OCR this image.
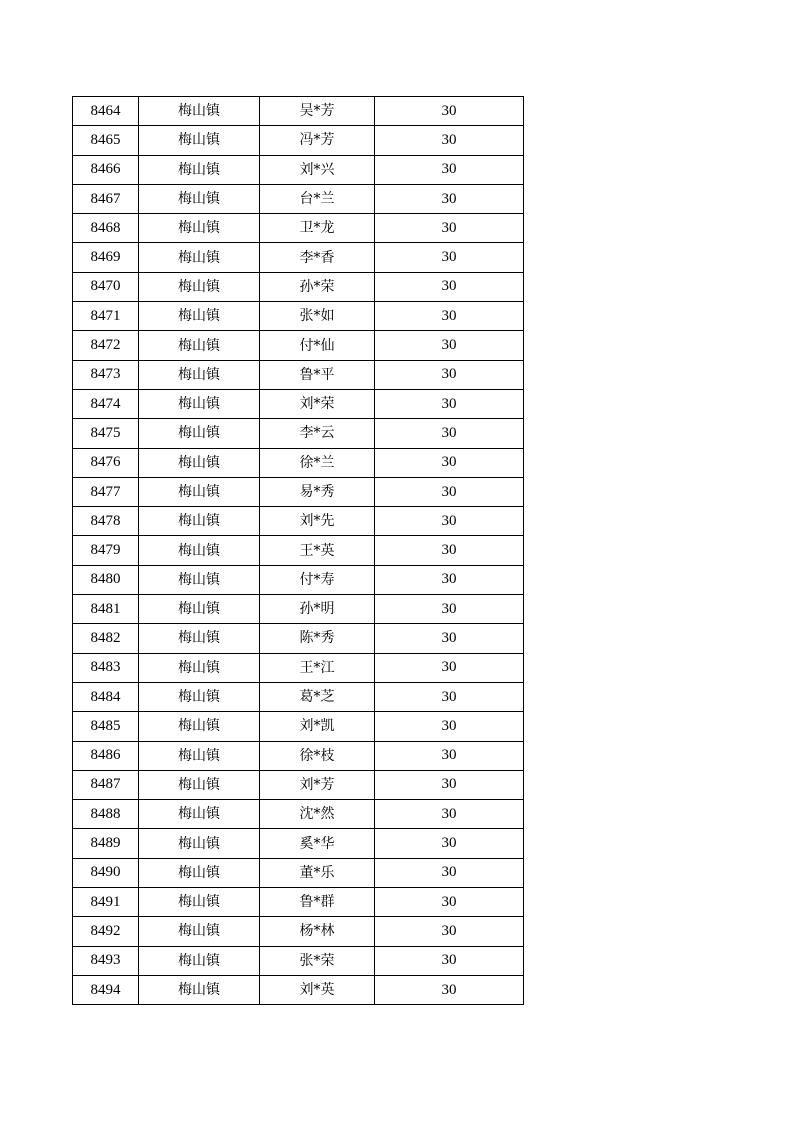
8464	梅山镇	吴*芳	30
8465	梅山镇	冯*芳	30
8466	梅山镇	刘*兴	30
8467	梅山镇	台*兰	30
8468	梅山镇	卫*龙	30
8469	梅山镇	李*香	30
8470	梅山镇	孙*荣	30
8471	梅山镇	张*如	30
8472	梅山镇	付*仙	30
8473	梅山镇	鲁*平	30
8474	梅山镇	刘*荣	30
8475	梅山镇	李*云	30
8476	梅山镇	徐*兰	30
8477	梅山镇	易*秀	30
8478	梅山镇	刘*先	30
8479	梅山镇	王*英	30
8480	梅山镇	付*寿	30
8481	梅山镇	孙*明	30
8482	梅山镇	陈*秀	30
8483	梅山镇	王*江	30
8484	梅山镇	葛*芝	30
8485	梅山镇	刘*凯	30
8486	梅山镇	徐*枝	30
8487	梅山镇	刘*芳	30
8488	梅山镇	沈*然	30
8489	梅山镇	奚*华	30
8490	梅山镇	董*乐	30
8491	梅山镇	鲁*群	30
8492	梅山镇	杨*林	30
8493	梅山镇	张*荣	30
8494	梅山镇	刘*英	30
